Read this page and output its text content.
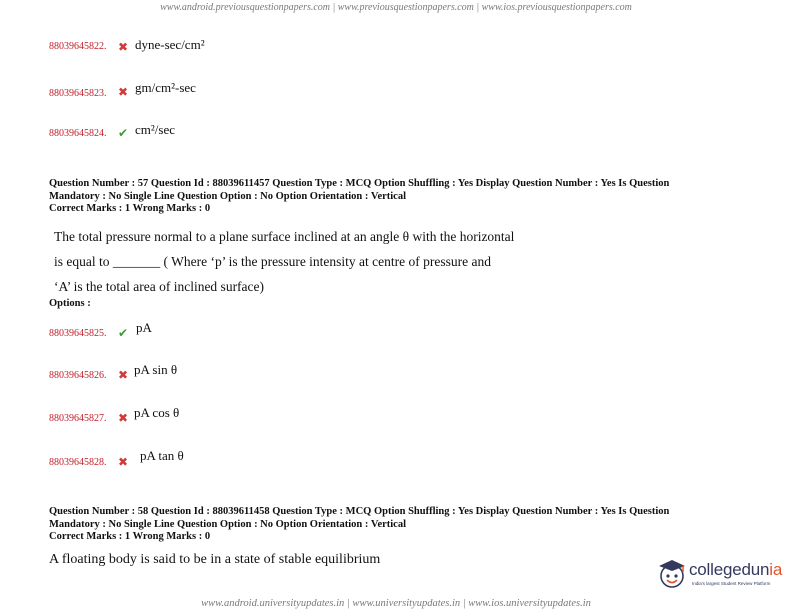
www.android.previousquestionpapers.com | www.previousquestionpapers.com | www.ios.previousquestionpapers.com
88039645822. ✖ dyne-sec/cm²
88039645823. ✖ gm/cm²-sec
88039645824. ✔ cm²/sec
Question Number : 57 Question Id : 88039611457 Question Type : MCQ Option Shuffling : Yes Display Question Number : Yes Is Question
Mandatory : No Single Line Question Option : No Option Orientation : Vertical
Correct Marks : 1 Wrong Marks : 0
The total pressure normal to a plane surface inclined at an angle θ with the horizontal
is equal to _______ ( Where ‘p’ is the pressure intensity at centre of pressure and
‘A’ is the total area of inclined surface)
Options :
88039645825. ✔ pA
88039645826. ✖ pA sin θ
88039645827. ✖ pA cos θ
88039645828. ✖ pA tan θ
Question Number : 58 Question Id : 88039611458 Question Type : MCQ Option Shuffling : Yes Display Question Number : Yes Is Question
Mandatory : No Single Line Question Option : No Option Orientation : Vertical
Correct Marks : 1 Wrong Marks : 0
A floating body is said to be in a state of stable equilibrium
collegedunia
India's largest Student Review Platform
www.android.universityupdates.in | www.universityupdates.in | www.ios.universityupdates.in
